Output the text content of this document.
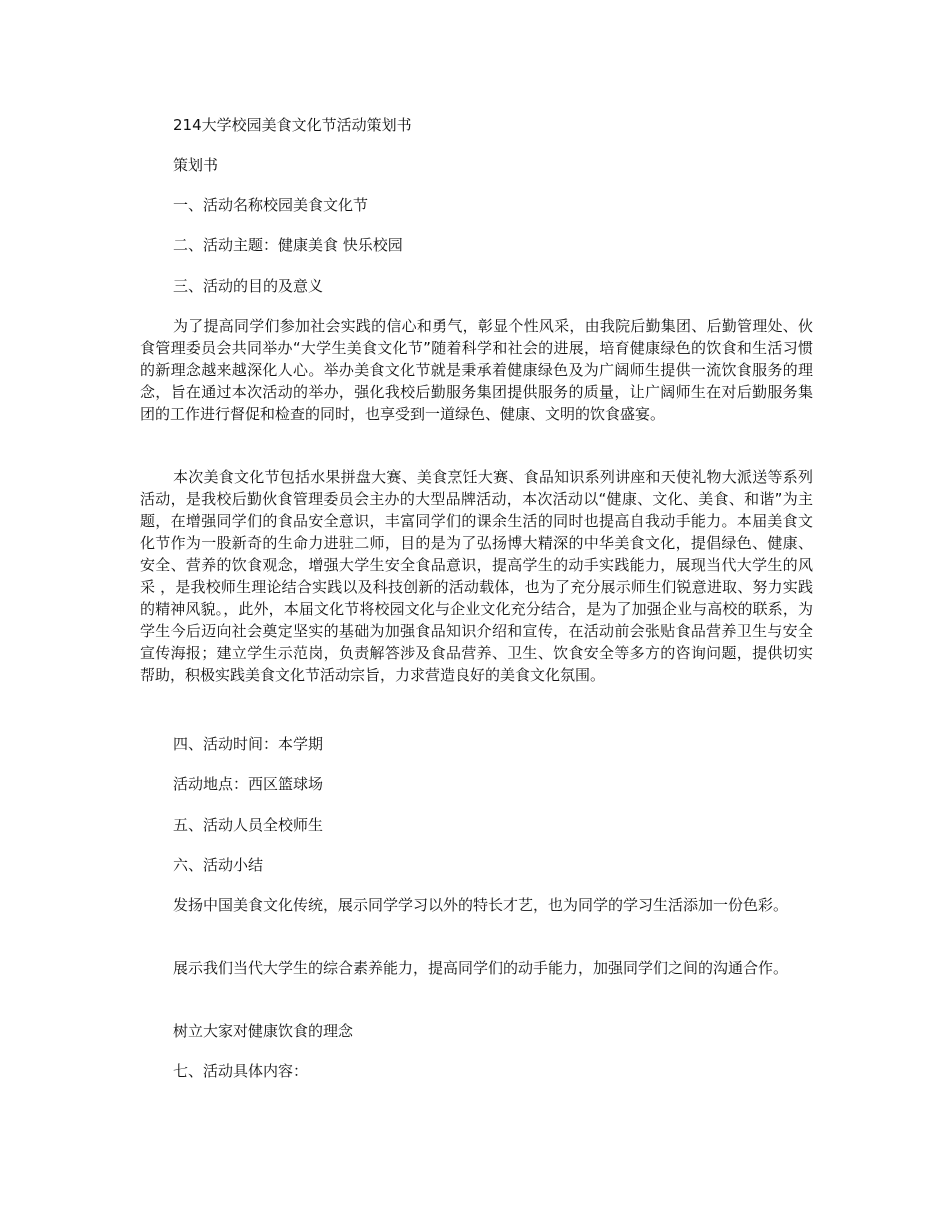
214大学校园美食文化节活动策划书
策划书
一、活动名称校园美食文化节
二、活动主题：健康美食 快乐校园
三、活动的目的及意义
为了提高同学们参加社会实践的信心和勇气，彰显个性风采，由我院后勤集团、后勤管理处、伙食管理委员会共同举办“大学生美食文化节”随着科学和社会的进展，培育健康绿色的饮食和生活习惯的新理念越来越深化人心。举办美食文化节就是秉承着健康绿色及为广阔师生提供一流饮食服务的理念，旨在通过本次活动的举办，强化我校后勤服务集团提供服务的质量，让广阔师生在对后勤服务集团的工作进行督促和检查的同时，也享受到一道绿色、健康、文明的饮食盛宴。
本次美食文化节包括水果拼盘大赛、美食烹饪大赛、食品知识系列讲座和天使礼物大派送等系列活动，是我校后勤伙食管理委员会主办的大型品牌活动，本次活动以“健康、文化、美食、和谐”为主题，在增强同学们的食品安全意识，丰富同学们的课余生活的同时也提高自我动手能力。本届美食文化节作为一股新奇的生命力进驻二师，目的是为了弘扬博大精深的中华美食文化，提倡绿色、健康、安全、营养的饮食观念，增强大学生安全食品意识，提高学生的动手实践能力，展现当代大学生的风采 ，是我校师生理论结合实践以及科技创新的活动载体，也为了充分展示师生们锐意进取、努力实践的精神风貌。，此外，本届文化节将校园文化与企业文化充分结合，是为了加强企业与高校的联系，为学生今后迈向社会奠定坚实的基础为加强食品知识介绍和宣传，在活动前会张贴食品营养卫生与安全宣传海报；建立学生示范岗，负责解答涉及食品营养、卫生、饮食安全等多方的咨询问题，提供切实帮助，积极实践美食文化节活动宗旨，力求营造良好的美食文化氛围。
四、活动时间：本学期
活动地点：西区篮球场
五、活动人员全校师生
六、活动小结
发扬中国美食文化传统，展示同学学习以外的特长才艺，也为同学的学习生活添加一份色彩。
展示我们当代大学生的综合素养能力，提高同学们的动手能力，加强同学们之间的沟通合作。
树立大家对健康饮食的理念
七、活动具体内容：
